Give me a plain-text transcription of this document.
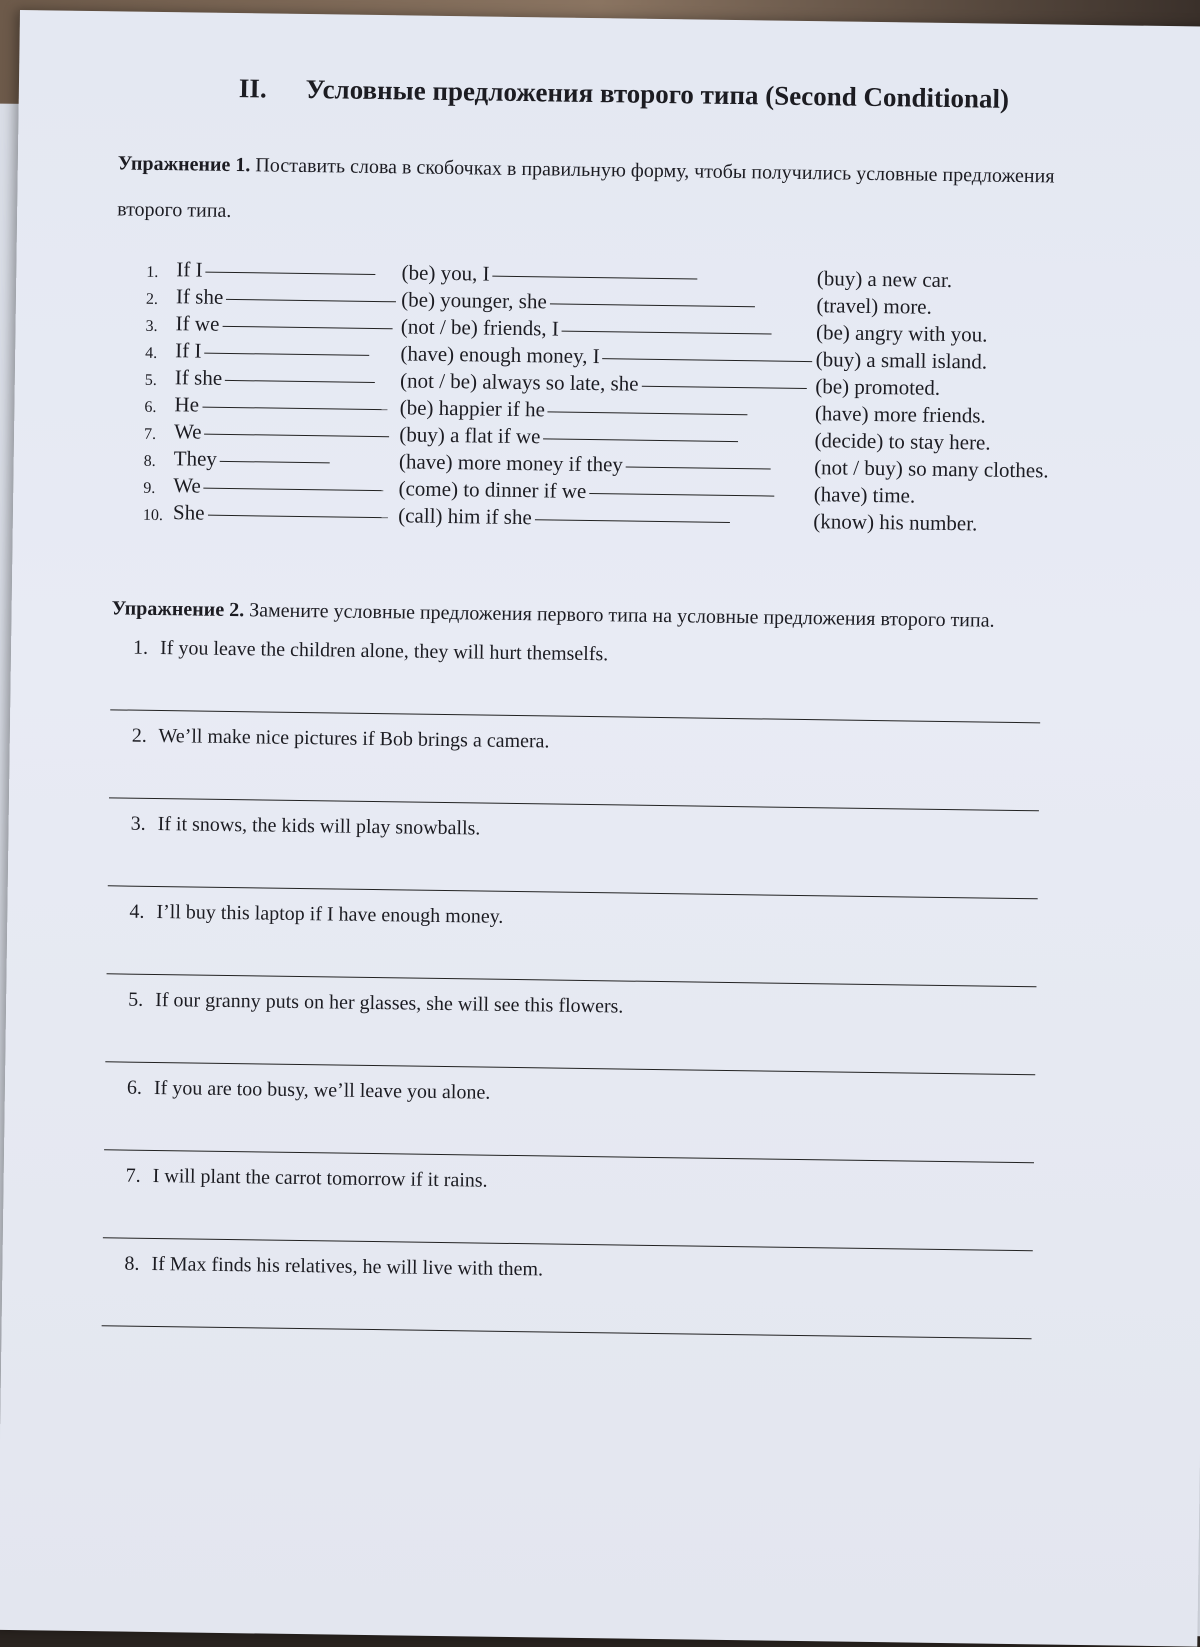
II. Условные предложения второго типа (Second Conditional)
Упражнение 1. Поставить слова в скобочках в правильную форму, чтобы получились условные предложения второго типа.
1.	If I	(be) you, I	(buy) a new car.
2.	If she	(be) younger, she	(travel) more.
3.	If we	(not / be) friends, I	(be) angry with you.
4.	If I	(have) enough money, I	(buy) a small island.
5.	If she	(not / be) always so late, she	(be) promoted.
6.	He	(be) happier if he	(have) more friends.
7.	We	(buy) a flat if we	(decide) to stay here.
8.	They	(have) more money if they	(not / buy) so many clothes.
9.	We	(come) to dinner if we	(have) time.
10.	She	(call) him if she	(know) his number.
Упражнение 2. Замените условные предложения первого типа на условные предложения второго типа.
1. If you leave the children alone, they will hurt themselfs.
2. We’ll make nice pictures if Bob brings a camera.
3. If it snows, the kids will play snowballs.
4. I’ll buy this laptop if I have enough money.
5. If our granny puts on her glasses, she will see this flowers.
6. If you are too busy, we’ll leave you alone.
7. I will plant the carrot tomorrow if it rains.
8. If Max finds his relatives, he will live with them.
